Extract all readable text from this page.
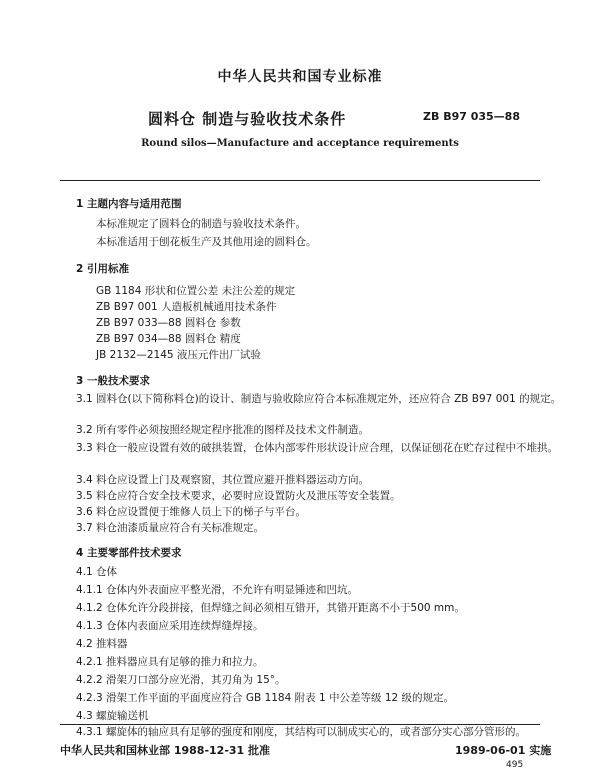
中华人民共和国专业标准
圆料仓 制造与验收技术条件	ZB B97 035—88
Round silos—Manufacture and acceptance requirements
1 主题内容与适用范围
本标准规定了圆料仓的制造与验收技术条件。
本标准适用于刨花板生产及其他用途的圆料仓。
2 引用标准
GB 1184 形状和位置公差 未注公差的规定
ZB B97 001 人造板机械通用技术条件
ZB B97 033—88 圆料仓 参数
ZB B97 034—88 圆料仓 精度
JB 2132—2145 液压元件出厂试验
3 一般技术要求
3.1 圆料仓(以下简称料仓)的设计、制造与验收除应符合本标准规定外，还应符合 ZB B97 001 的规定。
3.2 所有零件必须按照经规定程序批准的图样及技术文件制造。
3.3 料仓一般应设置有效的破拱装置，仓体内部零件形状设计应合理，以保证刨花在贮存过程中不堆拱。
3.4 料仓应设置上门及观察窗，其位置应避开推料器运动方向。
3.5 料仓应符合安全技术要求，必要时应设置防火及泄压等安全装置。
3.6 料仓应设置便于维修人员上下的梯子与平台。
3.7 料仓油漆质量应符合有关标准规定。
4 主要零部件技术要求
4.1 仓体
4.1.1 仓体内外表面应平整光滑，不允许有明显锤迹和凹坑。
4.1.2 仓体允许分段拼接，但焊缝之间必须相互错开，其错开距离不小于500 mm。
4.1.3 仓体内表面应采用连续焊缝焊接。
4.2 推料器
4.2.1 推料器应具有足够的推力和拉力。
4.2.2 滑架刀口部分应光滑，其刃角为 15°。
4.2.3 滑架工作平面的平面度应符合 GB 1184 附表 1 中公差等级 12 级的规定。
4.3 螺旋输送机
4.3.1 螺旋体的轴应具有足够的强度和刚度，其结构可以制成实心的，或者部分实心部分管形的。
中华人民共和国林业部 1988-12-31 批准	1989-06-01 实施
495
